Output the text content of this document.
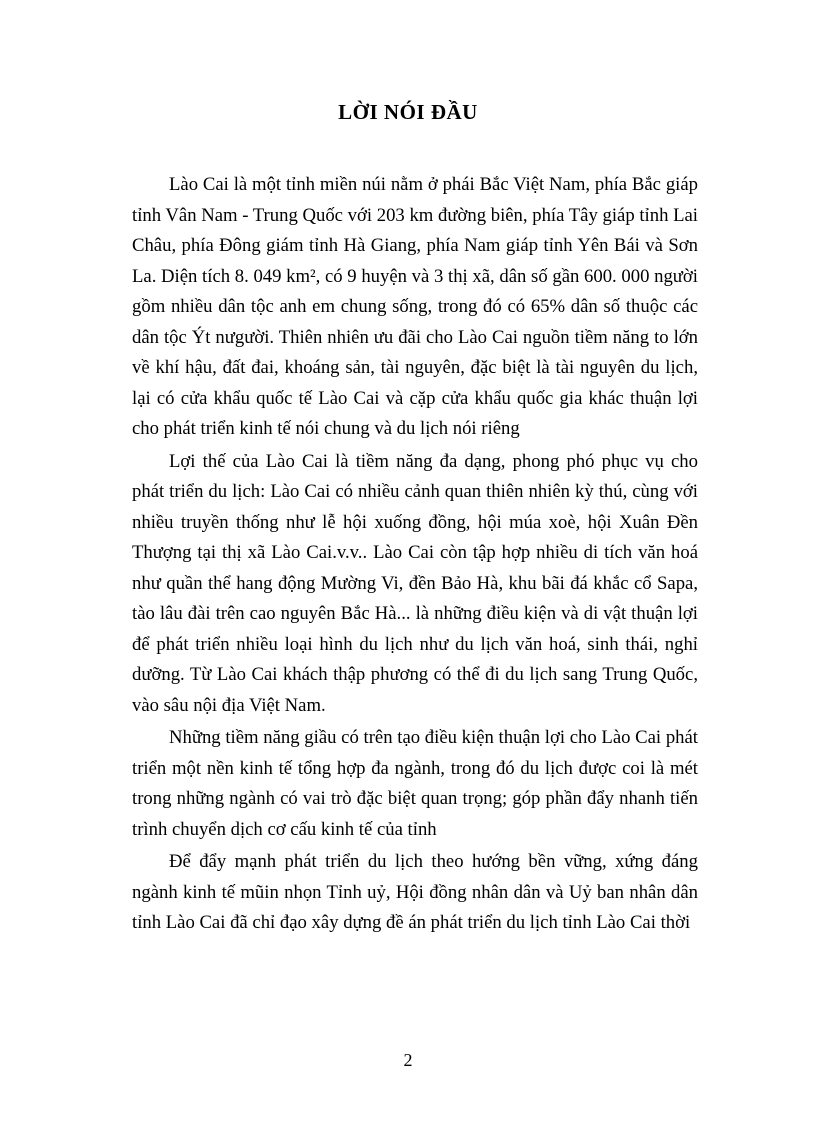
LỜI NÓI ĐẦU

Lào Cai là một tỉnh miền núi nằm ở phái Bắc Việt Nam, phía Bắc giáp tỉnh Vân Nam - Trung Quốc với 203 km đường biên, phía Tây giáp tỉnh Lai Châu, phía Đông giám tỉnh Hà Giang, phía Nam giáp tỉnh Yên Bái và Sơn La. Diện tích 8. 049 km², có 9 huyện và 3 thị xã, dân số gần 600. 000 người gồm nhiều dân tộc anh em chung sống, trong đó có 65% dân số thuộc các dân tộc Ýt nưgười. Thiên nhiên ưu đãi cho Lào Cai nguồn tiềm năng to lớn về khí hậu, đất đai, khoáng sản, tài nguyên, đặc biệt là tài nguyên du lịch, lại có cửa khẩu quốc tế Lào Cai và cặp cửa khẩu quốc gia khác thuận lợi cho phát triển kinh tế nói chung và du lịch nói riêng

Lợi thế của Lào Cai là tiềm năng đa dạng, phong phó phục vụ cho phát triển du lịch: Lào Cai có nhiều cảnh quan thiên nhiên kỳ thú, cùng với nhiều truyền thống như lễ hội xuống đồng, hội múa xoè, hội Xuân Đền Thượng tại thị xã Lào Cai.v.v.. Lào Cai còn tập hợp nhiều di tích văn hoá như quần thể hang động Mường Vi, đền Bảo Hà, khu bãi đá khắc cổ Sapa, tào lâu đài trên cao nguyên Bắc Hà... là những điều kiện và di vật thuận lợi để phát triển nhiều loại hình du lịch như du lịch văn hoá, sinh thái, nghỉ dưỡng. Từ Lào Cai khách thập phương có thể đi du lịch sang Trung Quốc, vào sâu nội địa Việt Nam.

Những tiềm năng giầu có trên tạo điều kiện thuận lợi cho Lào Cai phát triển một nền kinh tế tổng hợp đa ngành, trong đó du lịch được coi là mét trong những ngành có vai trò đặc biệt quan trọng; góp phần đẩy nhanh tiến trình chuyển dịch cơ cấu kinh tế của tỉnh

Để đẩy mạnh phát triển du lịch theo hướng bền vững, xứng đáng ngành kinh tế mũin nhọn Tỉnh uỷ, Hội đồng nhân dân và Uỷ ban nhân dân tỉnh Lào Cai đã chỉ đạo xây dựng đề án phát triển du lịch tỉnh Lào Cai thời

2
